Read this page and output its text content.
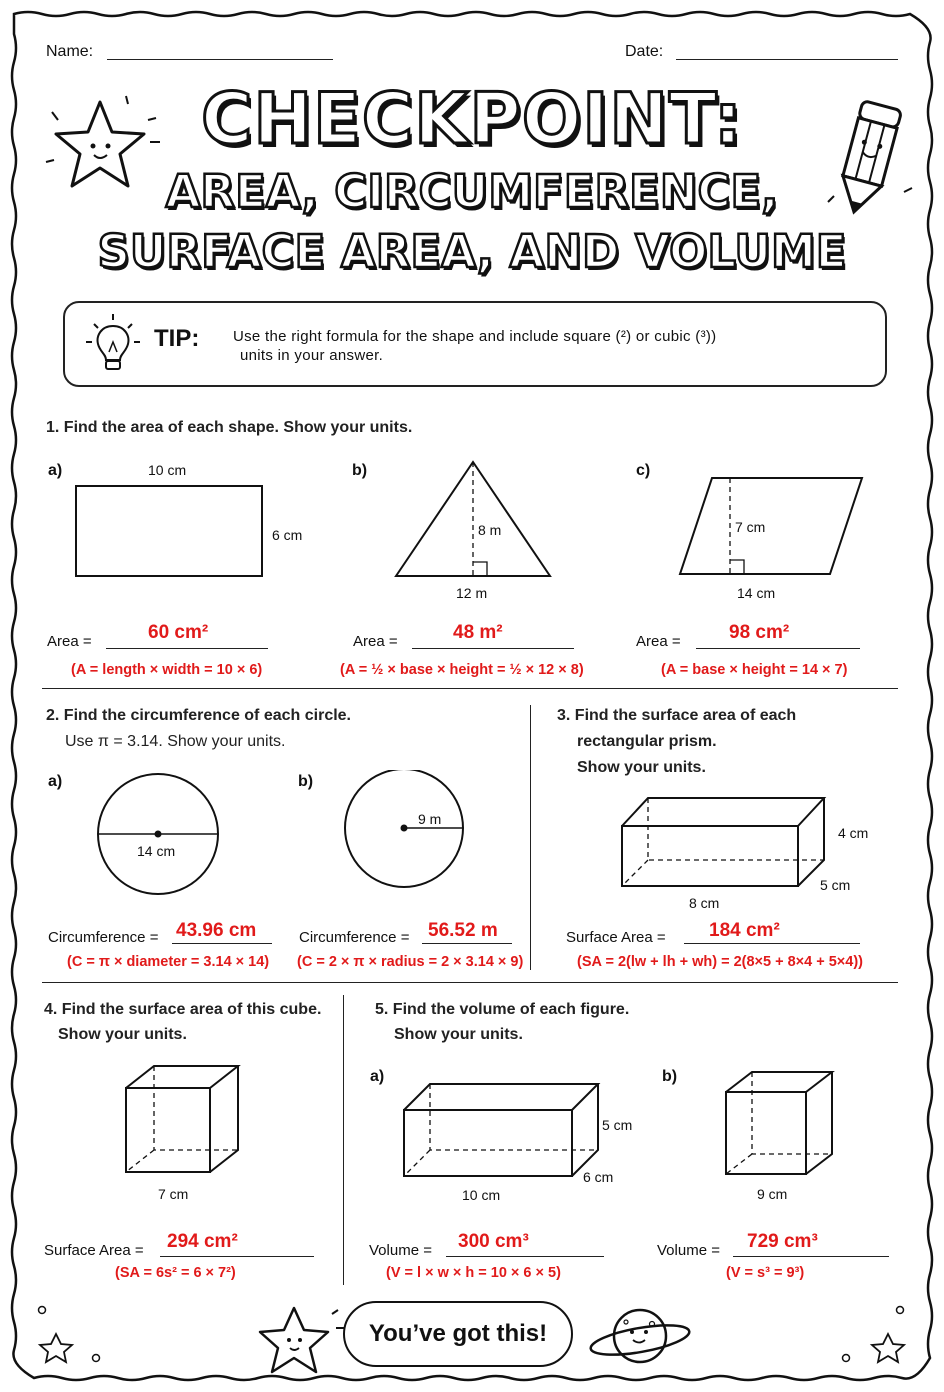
Name:	Date:
CHECKPOINT:
AREA, CIRCUMFERENCE,
SURFACE AREA, AND VOLUME
TIP: Use the right formula for the shape and include square (²) or cubic (³))
units in your answer.
1. Find the area of each shape. Show your units.
a)	b)	c)
10 cm
6 cm	8 m
12 m
7 cm
14 cm
Area =	60 cm²
(A = length × width = 10 × 6)
Area =	48 m²
(A = ½ × base × height = ½ × 12 × 8)
Area =	98 cm²
(A = base × height = 14 × 7)
2. Find the circumference of each circle.
Use π = 3.14. Show your units.
a)	b)
14 cm
9 m
Circumference = 43.96 cm
(C = π × diameter = 3.14 × 14)
Circumference = 56.52 m
(C = 2 × π × radius = 2 × 3.14 × 9)
3. Find the surface area of each
rectangular prism.
Show your units.
4 cm
5 cm
8 cm
Surface Area = 184 cm²
(SA = 2(lw + lh + wh) = 2(8×5 + 8×4 + 5×4))
4. Find the surface area of this cube.
Show your units.
7 cm
Surface Area = 294 cm²
(SA = 6s² = 6 × 7²)
5. Find the volume of each figure.
Show your units.
a)	b)
5 cm
6 cm
10 cm	9 cm
Volume = 300 cm³
(V = l × w × h = 10 × 6 × 5)
Volume = 729 cm³
(V = s³ = 9³)
You’ve got this!
